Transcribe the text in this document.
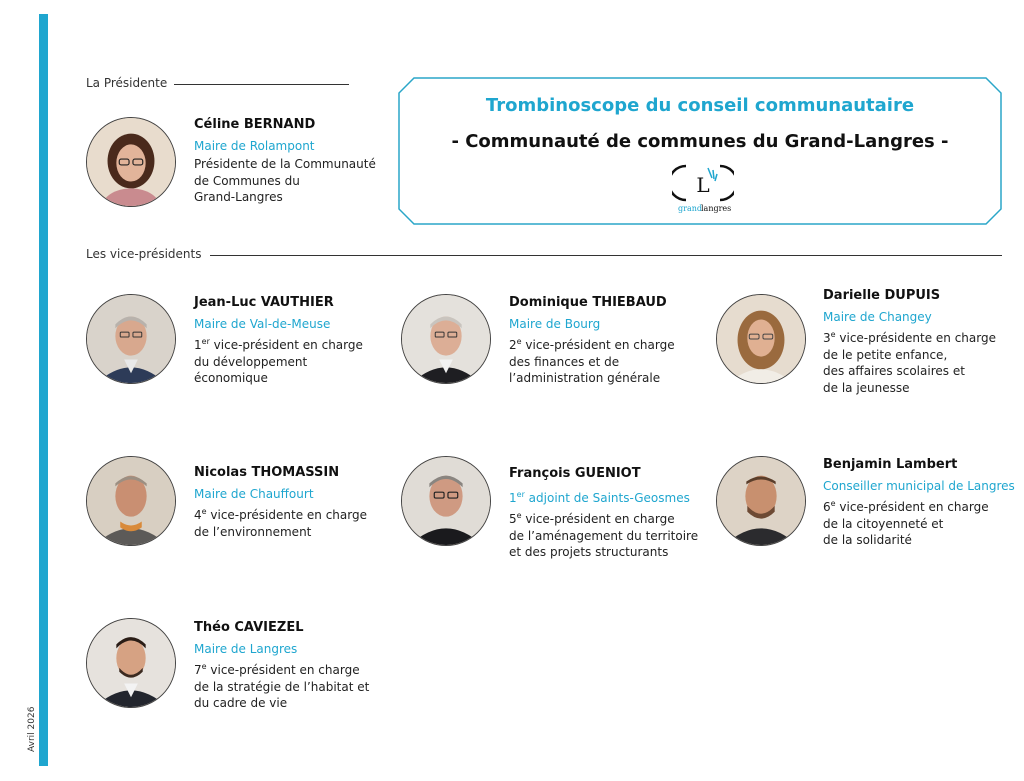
Avril 2026
La Présidente
Trombinoscope du conseil communautaire
- Communauté de communes du Grand-Langres -
L
grand langres
Céline BERNAND
Maire de Rolampont
Présidente de la Communauté
de Communes du
Grand-Langres
Les vice-présidents
Jean-Luc VAUTHIER
Maire de Val-de-Meuse
1er vice-président en charge
du développement
économique
Dominique THIEBAUD
Maire de Bourg
2e vice-président en charge
des finances et de
l’administration générale
Darielle DUPUIS
Maire de Changey
3e vice-présidente en charge
de le petite enfance,
des affaires scolaires et
de la jeunesse
Nicolas THOMASSIN
Maire de Chauffourt
4e vice-présidente en charge
de l’environnement
François GUENIOT
1er adjoint de Saints-Geosmes
5e vice-président en charge
de l’aménagement du territoire
et des projets structurants
Benjamin Lambert
Conseiller municipal de Langres
6e vice-président en charge
de la citoyenneté et
de la solidarité
Théo CAVIEZEL
Maire de Langres
7e vice-président en charge
de la stratégie de l’habitat et
du cadre de vie
